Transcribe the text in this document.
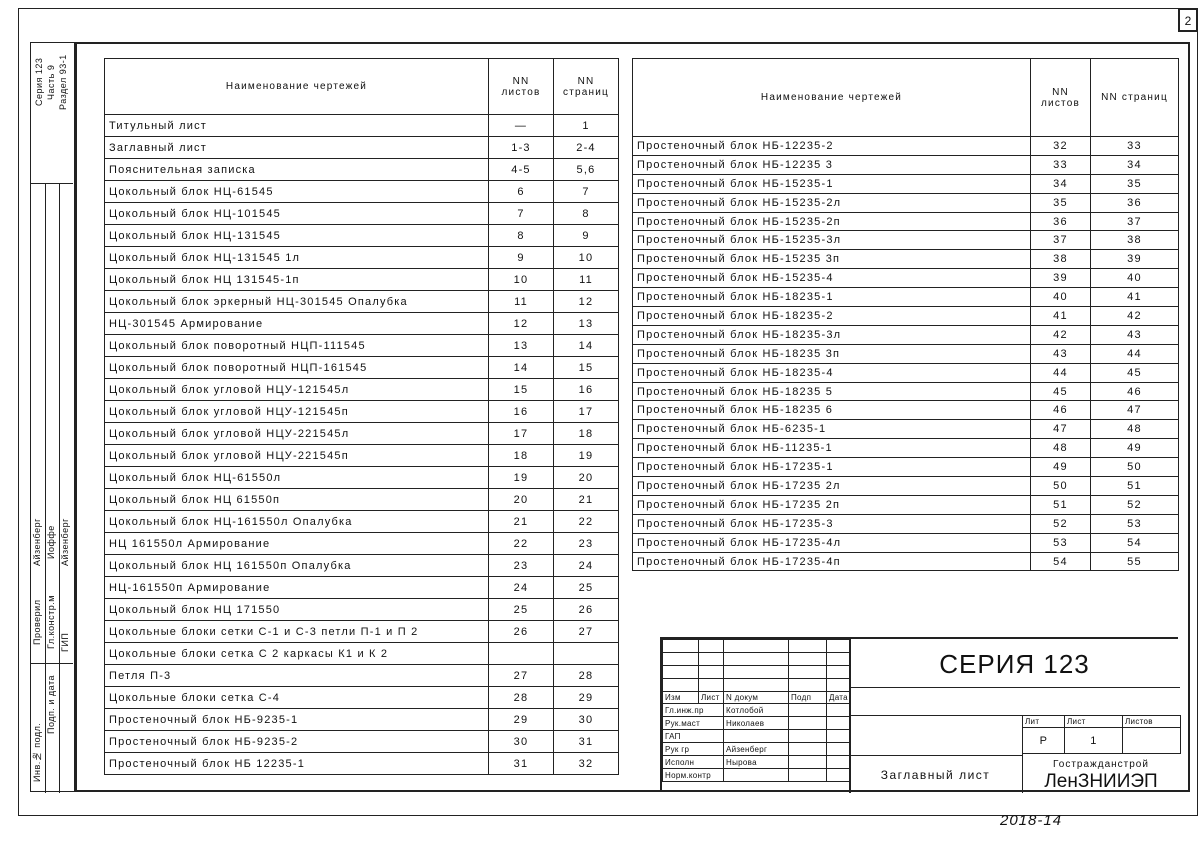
2
Серия 123 Часть 9 Раздел 93-1
Гл.констр.м ГИП
Проверил
Иоффе Айзенберг
Айзенберг
Инв.№ подл.
Подп. и дата
Наименование чертежей	NN листов	NN страниц
Титульный лист	—	1
Заглавный лист	1-3	2-4
Пояснительная записка	4-5	5,6
Цокольный блок НЦ-61545	6	7
Цокольный блок НЦ-101545	7	8
Цокольный блок НЦ-131545	8	9
Цокольный блок НЦ-131545 1л	9	10
Цокольный блок НЦ 131545-1п	10	11
Цокольный блок эркерный НЦ-301545 Опалубка	11	12
НЦ-301545 Армирование	12	13
Цокольный блок поворотный НЦП-111545	13	14
Цокольный блок поворотный НЦП-161545	14	15
Цокольный блок угловой НЦУ-121545л	15	16
Цокольный блок угловой НЦУ-121545п	16	17
Цокольный блок угловой НЦУ-221545л	17	18
Цокольный блок угловой НЦУ-221545п	18	19
Цокольный блок НЦ-61550л	19	20
Цокольный блок НЦ 61550п	20	21
Цокольный блок НЦ-161550л Опалубка	21	22
НЦ 161550л Армирование	22	23
Цокольный блок НЦ 161550п Опалубка	23	24
НЦ-161550п Армирование	24	25
Цокольный блок НЦ 171550	25	26
Цокольные блоки сетки С-1 и С-3 петли П-1 и П 2	26	27
Цокольные блоки сетка С 2 каркасы К1 и К 2		
Петля П-3	27	28
Цокольные блоки сетка С-4	28	29
Простеночный блок НБ-9235-1	29	30
Простеночный блок НБ-9235-2	30	31
Простеночный блок НБ 12235-1	31	32
Наименование чертежей	NN листов	NN страниц
Простеночный блок НБ-12235-2	32	33
Простеночный блок НБ-12235 3	33	34
Простеночный блок НБ-15235-1	34	35
Простеночный блок НБ-15235-2л	35	36
Простеночный блок НБ-15235-2п	36	37
Простеночный блок НБ-15235-3л	37	38
Простеночный блок НБ-15235 3п	38	39
Простеночный блок НБ-15235-4	39	40
Простеночный блок НБ-18235-1	40	41
Простеночный блок НБ-18235-2	41	42
Простеночный блок НБ-18235-3л	42	43
Простеночный блок НБ-18235 3п	43	44
Простеночный блок НБ-18235-4	44	45
Простеночный блок НБ-18235 5	45	46
Простеночный блок НБ-18235 6	46	47
Простеночный блок НБ-6235-1	47	48
Простеночный блок НБ-11235-1	48	49
Простеночный блок НБ-17235-1	49	50
Простеночный блок НБ-17235 2л	50	51
Простеночный блок НБ-17235 2п	51	52
Простеночный блок НБ-17235-3	52	53
Простеночный блок НБ-17235-4л	53	54
Простеночный блок НБ-17235-4п	54	55

Изм	Лист	N докум	Подп	Дата
Гл.инж.пр		Котлобой		
Рук.маст		Николаев		
ГАП				
Рук гр		Айзенберг		
Исполн		Нырова		
Норм.контр				
СЕРИЯ 123
Заглавный лист
Лит	Лист	Листов
Р	1	
Гостражданстрой
ЛенЗНИИЭП
2018-14
